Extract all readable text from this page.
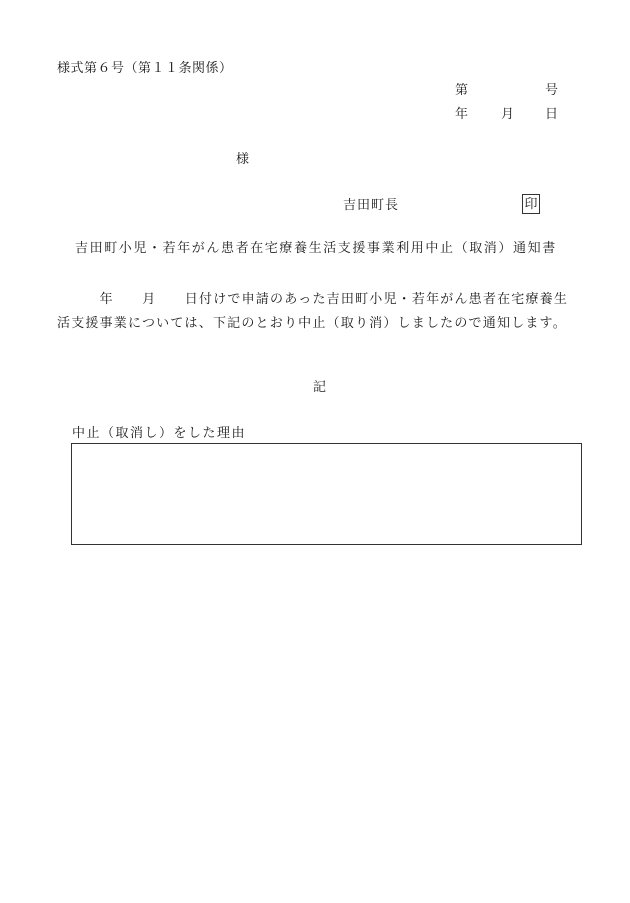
様式第６号（第１１条関係）
第	号
年	月 日
様
吉田町長	印
吉田町小児・若年がん患者在宅療養生活支援事業利用中止（取消）通知書
　　　年　　月　　日付けで申請のあった吉田町小児・若年がん患者在宅療養生活支援事業については、下記のとおり中止（取り消）しましたので通知します。
記
中止（取消し）をした理由
